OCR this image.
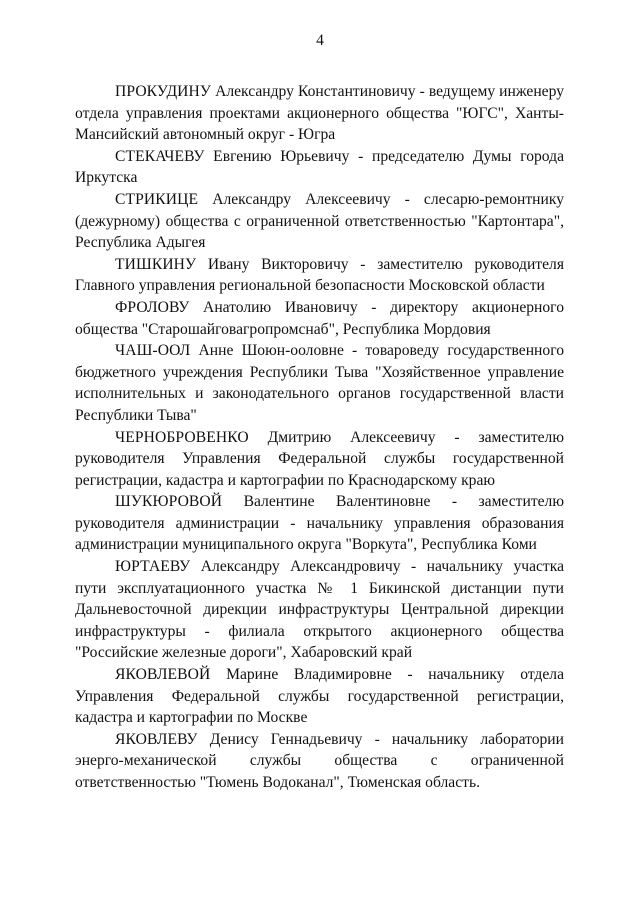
4

ПРОКУДИНУ Александру Константиновичу - ведущему инженеру отдела управления проектами акционерного общества "ЮГС", Ханты-Мансийский автономный округ - Югра

СТЕКАЧЕВУ Евгению Юрьевичу - председателю Думы города Иркутска

СТРИКИЦЕ Александру Алексеевичу - слесарю-ремонтнику (дежурному) общества с ограниченной ответственностью "Картонтара", Республика Адыгея

ТИШКИНУ Ивану Викторовичу - заместителю руководителя Главного управления региональной безопасности Московской области

ФРОЛОВУ Анатолию Ивановичу - директору акционерного общества "Старошайговагропромснаб", Республика Мордовия

ЧАШ-ООЛ Анне Шоюн-ооловне - товароведу государственного бюджетного учреждения Республики Тыва "Хозяйственное управление исполнительных и законодательного органов государственной власти Республики Тыва"

ЧЕРНОБРОВЕНКО Дмитрию Алексеевичу - заместителю руководителя Управления Федеральной службы государственной регистрации, кадастра и картографии по Краснодарскому краю

ШУКЮРОВОЙ Валентине Валентиновне - заместителю руководителя администрации - начальнику управления образования администрации муниципального округа "Воркута", Республика Коми

ЮРТАЕВУ Александру Александровичу - начальнику участка пути эксплуатационного участка № 1 Бикинской дистанции пути Дальневосточной дирекции инфраструктуры Центральной дирекции инфраструктуры - филиала открытого акционерного общества "Российские железные дороги", Хабаровский край

ЯКОВЛЕВОЙ Марине Владимировне - начальнику отдела Управления Федеральной службы государственной регистрации, кадастра и картографии по Москве

ЯКОВЛЕВУ Денису Геннадьевичу - начальнику лаборатории энерго-механической службы общества с ограниченной ответственностью "Тюмень Водоканал", Тюменская область.
